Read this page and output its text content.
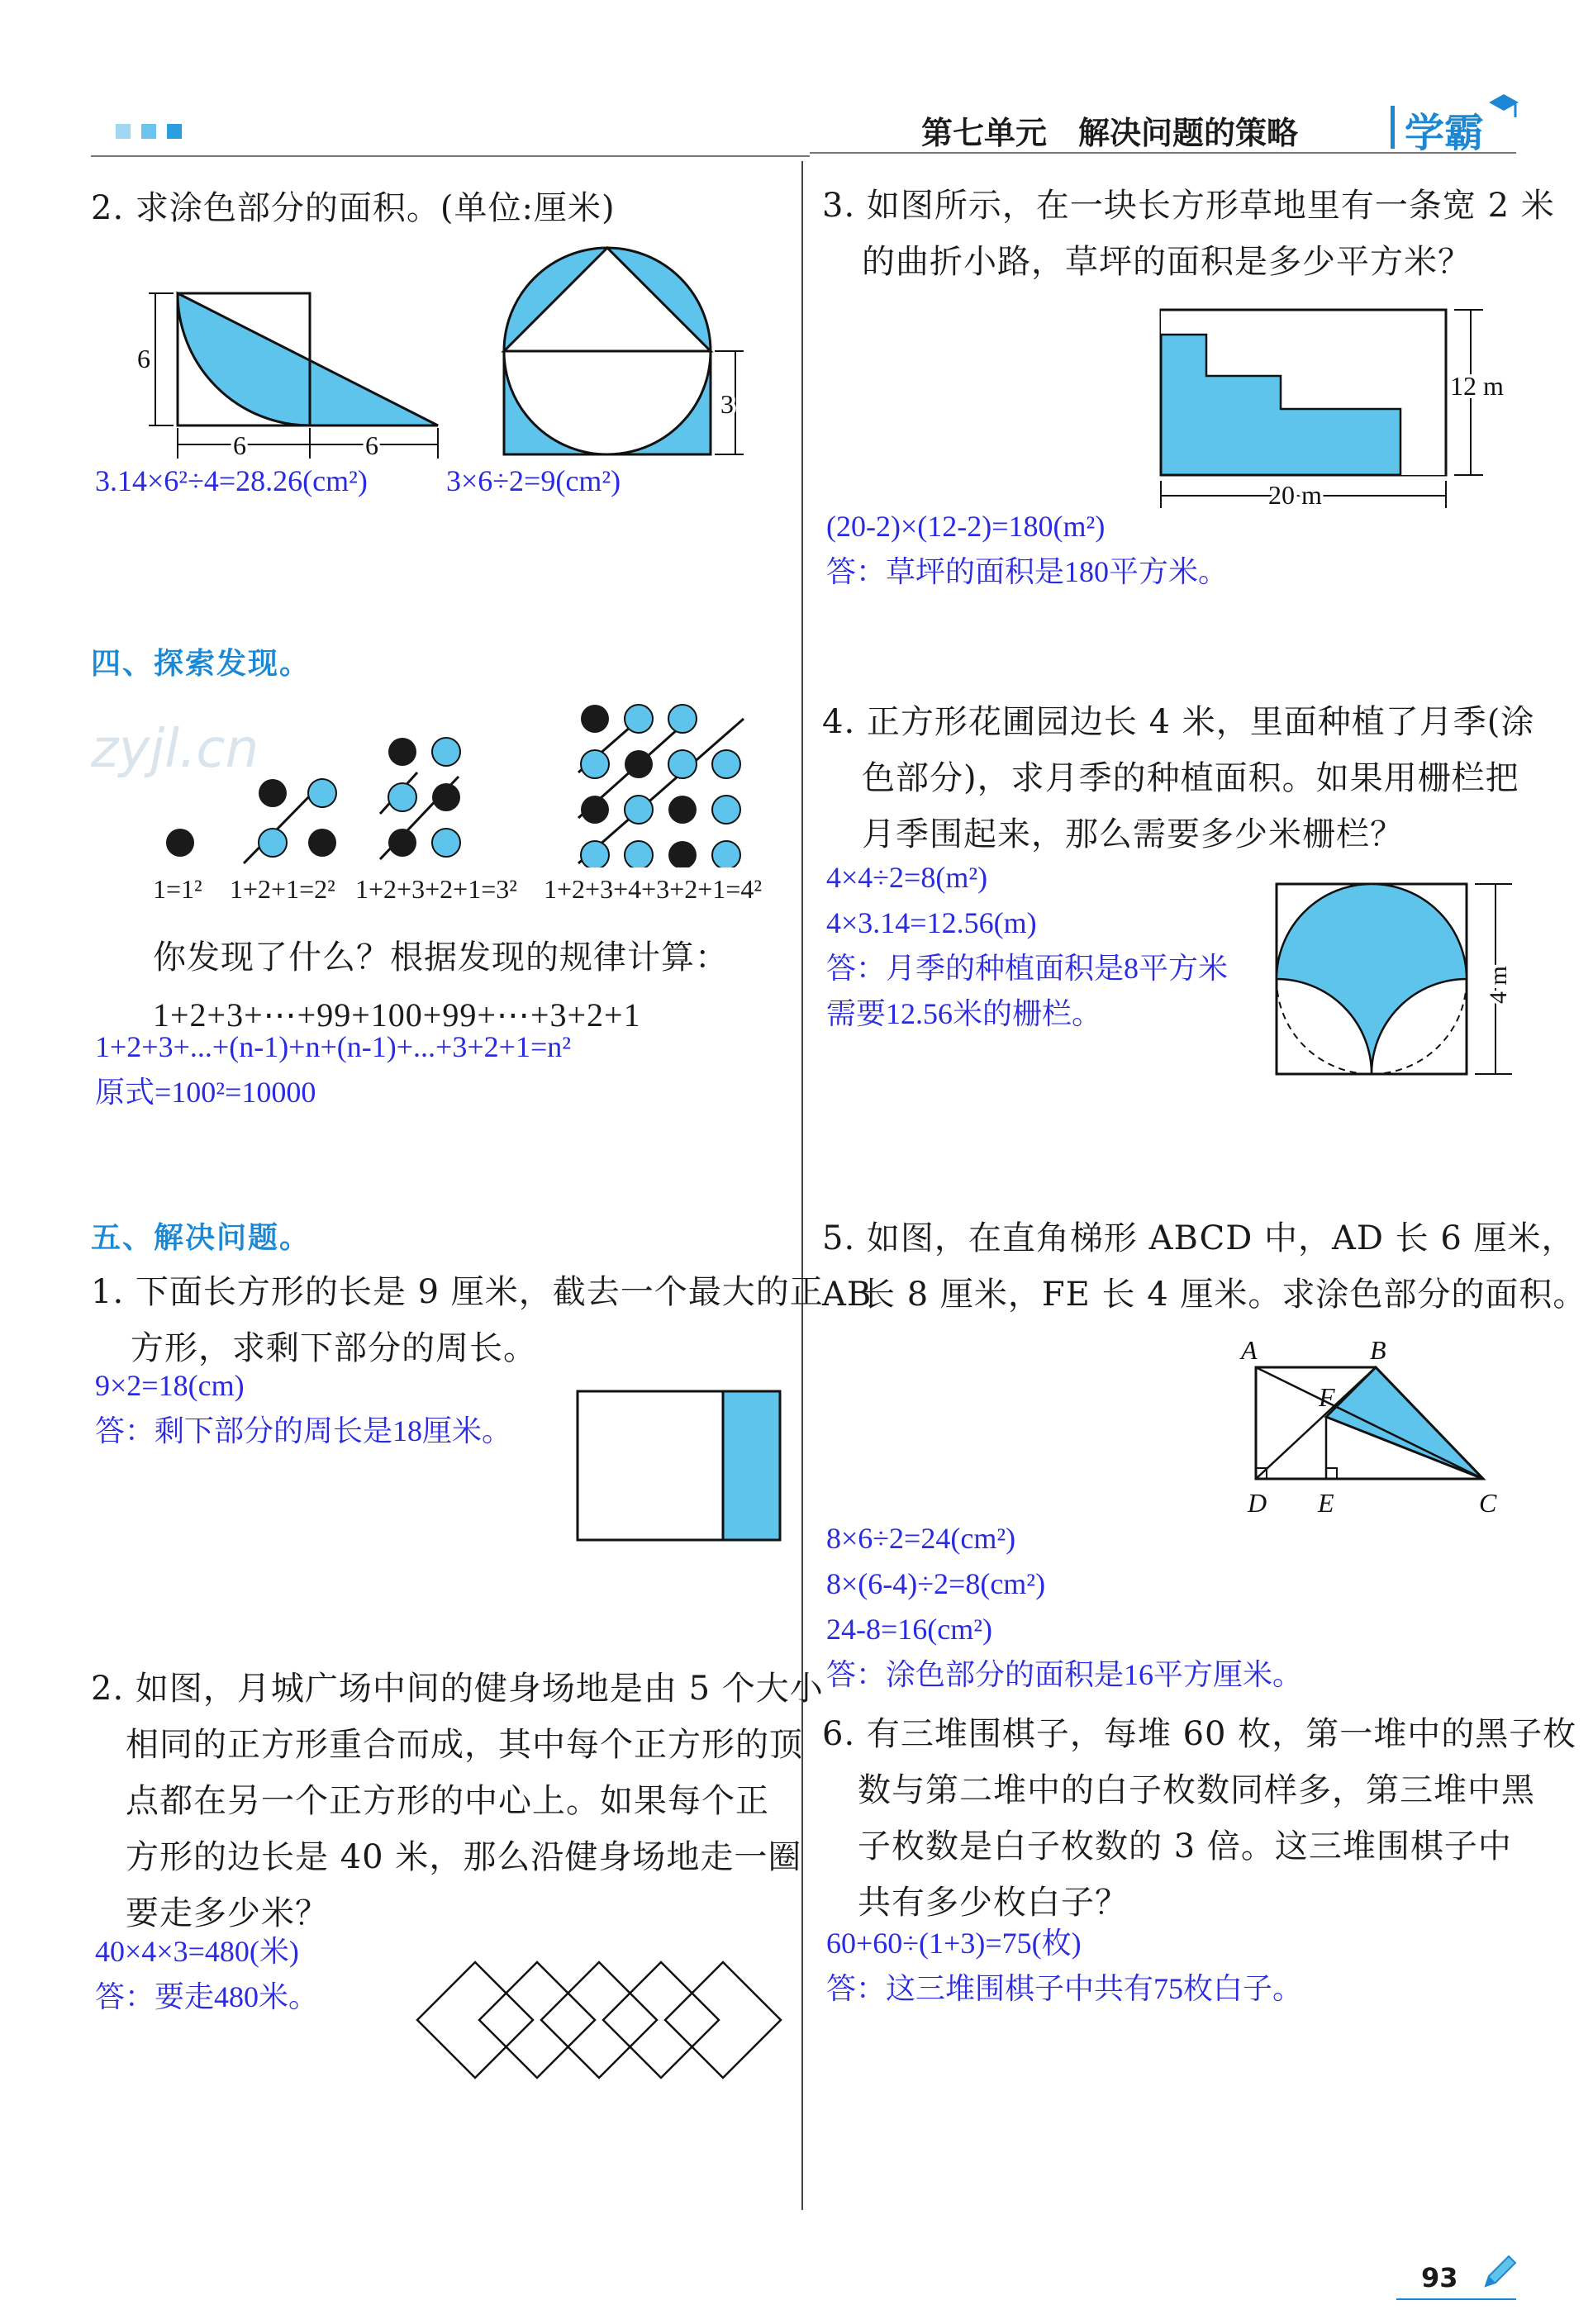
第七单元　解决问题的策略	学霸
zyjl.cn
2. 求涂色部分的面积。(单位:厘米)
6
6	6
3
3.14×6²÷4=28.26(cm²)	3×6÷2=9(cm²)
四、探索发现。
1=1² 1+2+1=2² 1+2+3+2+1=3² 1+2+3+4+3+2+1=4²
你发现了什么？根据发现的规律计算：
1+2+3+⋯+99+100+99+⋯+3+2+1
1+2+3+...+(n-1)+n+(n-1)+...+3+2+1=n²
原式=100²=10000
五、解决问题。
1. 下面长方形的长是 9 厘米，截去一个最大的正
方形，求剩下部分的周长。
9×2=18(cm)
答：剩下部分的周长是18厘米。
2. 如图，月城广场中间的健身场地是由 5 个大小
相同的正方形重合而成，其中每个正方形的顶
点都在另一个正方形的中心上。如果每个正
方形的边长是 40 米，那么沿健身场地走一圈
要走多少米？
40×4×3=480(米)
答：要走480米。
3. 如图所示，在一块长方形草地里有一条宽 2 米
的曲折小路，草坪的面积是多少平方米？
12 m
20 m
(20-2)×(12-2)=180(m²)
答：草坪的面积是180平方米。
4. 正方形花圃园边长 4 米，里面种植了月季(涂
色部分)，求月季的种植面积。如果用栅栏把
月季围起来，那么需要多少米栅栏？
4×4÷2=8(m²)
4×3.14=12.56(m)
答：月季的种植面积是8平方米
需要12.56米的栅栏。
4 m
5. 如图，在直角梯形 ABCD 中，AD 长 6 厘米，AB
长 8 厘米，FE 长 4 厘米。求涂色部分的面积。
A	B
F
D E	C
8×6÷2=24(cm²)
8×(6-4)÷2=8(cm²)
24-8=16(cm²)
答：涂色部分的面积是16平方厘米。
6. 有三堆围棋子，每堆 60 枚，第一堆中的黑子枚
数与第二堆中的白子枚数同样多，第三堆中黑
子枚数是白子枚数的 3 倍。这三堆围棋子中
共有多少枚白子？
60+60÷(1+3)=75(枚)
答：这三堆围棋子中共有75枚白子。
93
